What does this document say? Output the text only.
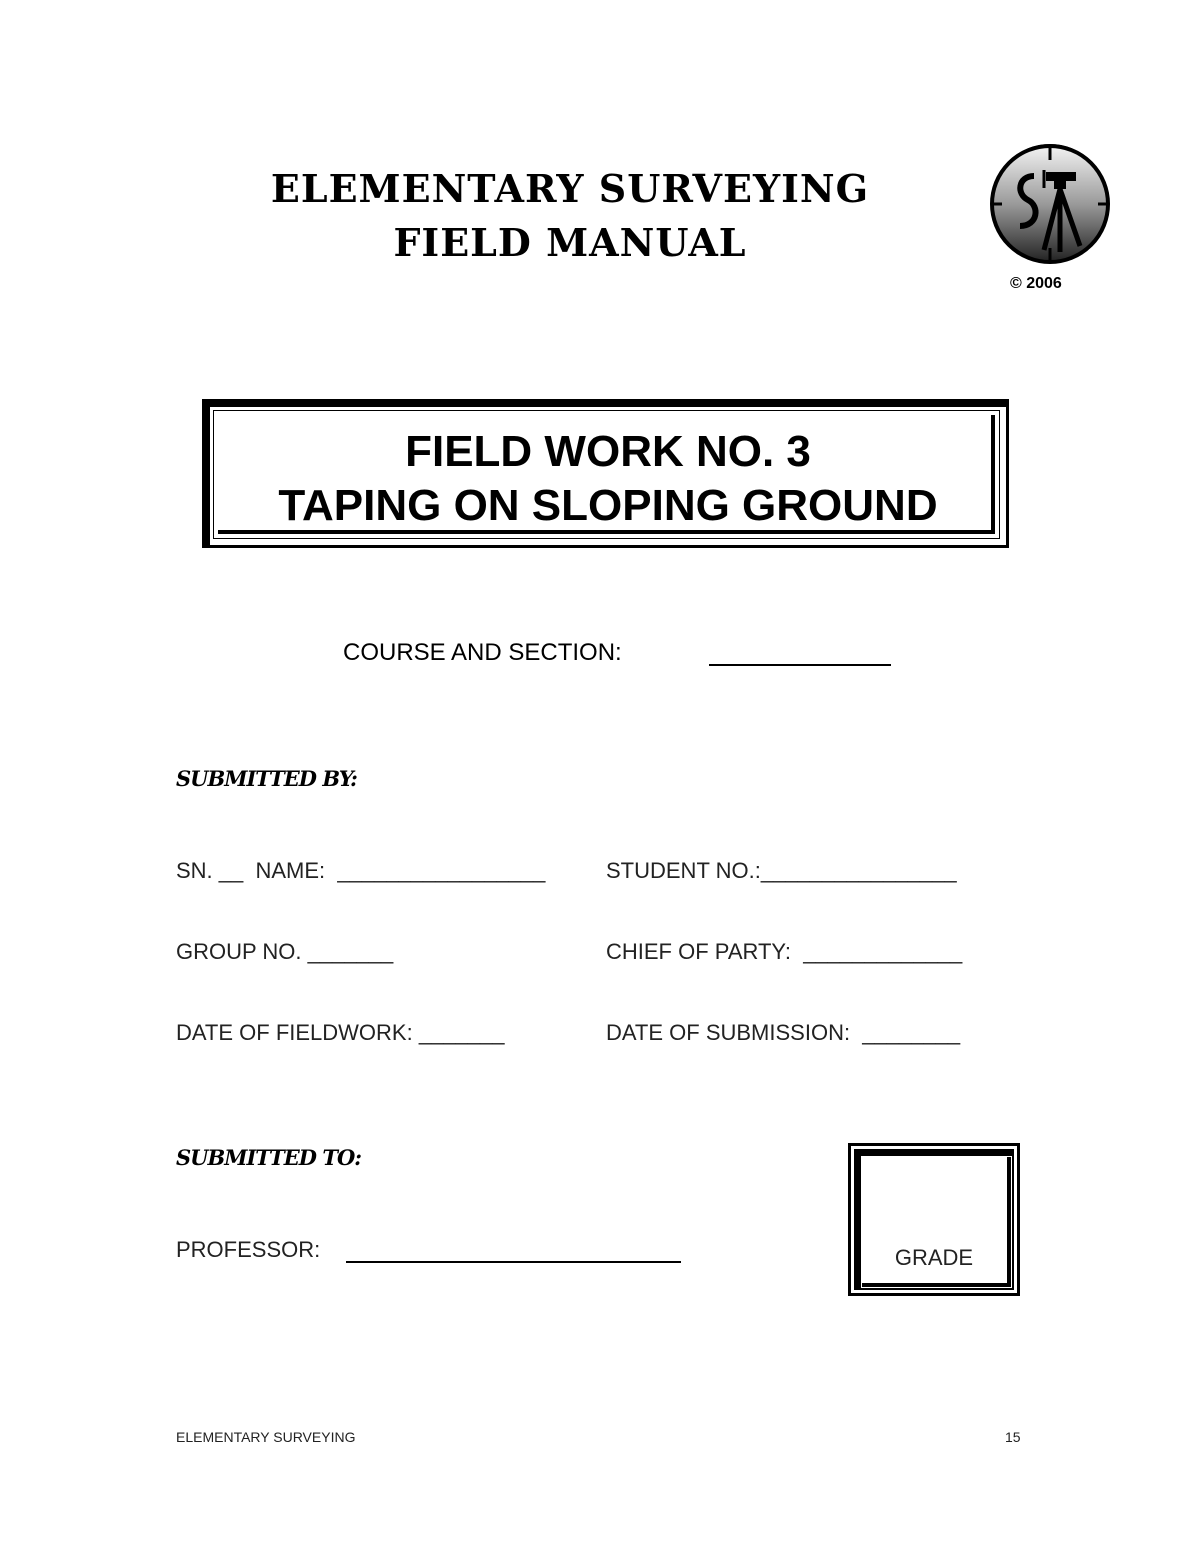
ELEMENTARY SURVEYING
FIELD MANUAL
© 2006
FIELD WORK NO. 3
TAPING ON SLOPING GROUND
COURSE AND SECTION:
SUBMITTED BY:
SN. __  NAME:  _________________	STUDENT NO.:________________
GROUP NO. _______	CHIEF OF PARTY:  _____________
DATE OF FIELDWORK: _______	DATE OF SUBMISSION:  ________
SUBMITTED TO:
PROFESSOR:	GRADE
ELEMENTARY SURVEYING	15
